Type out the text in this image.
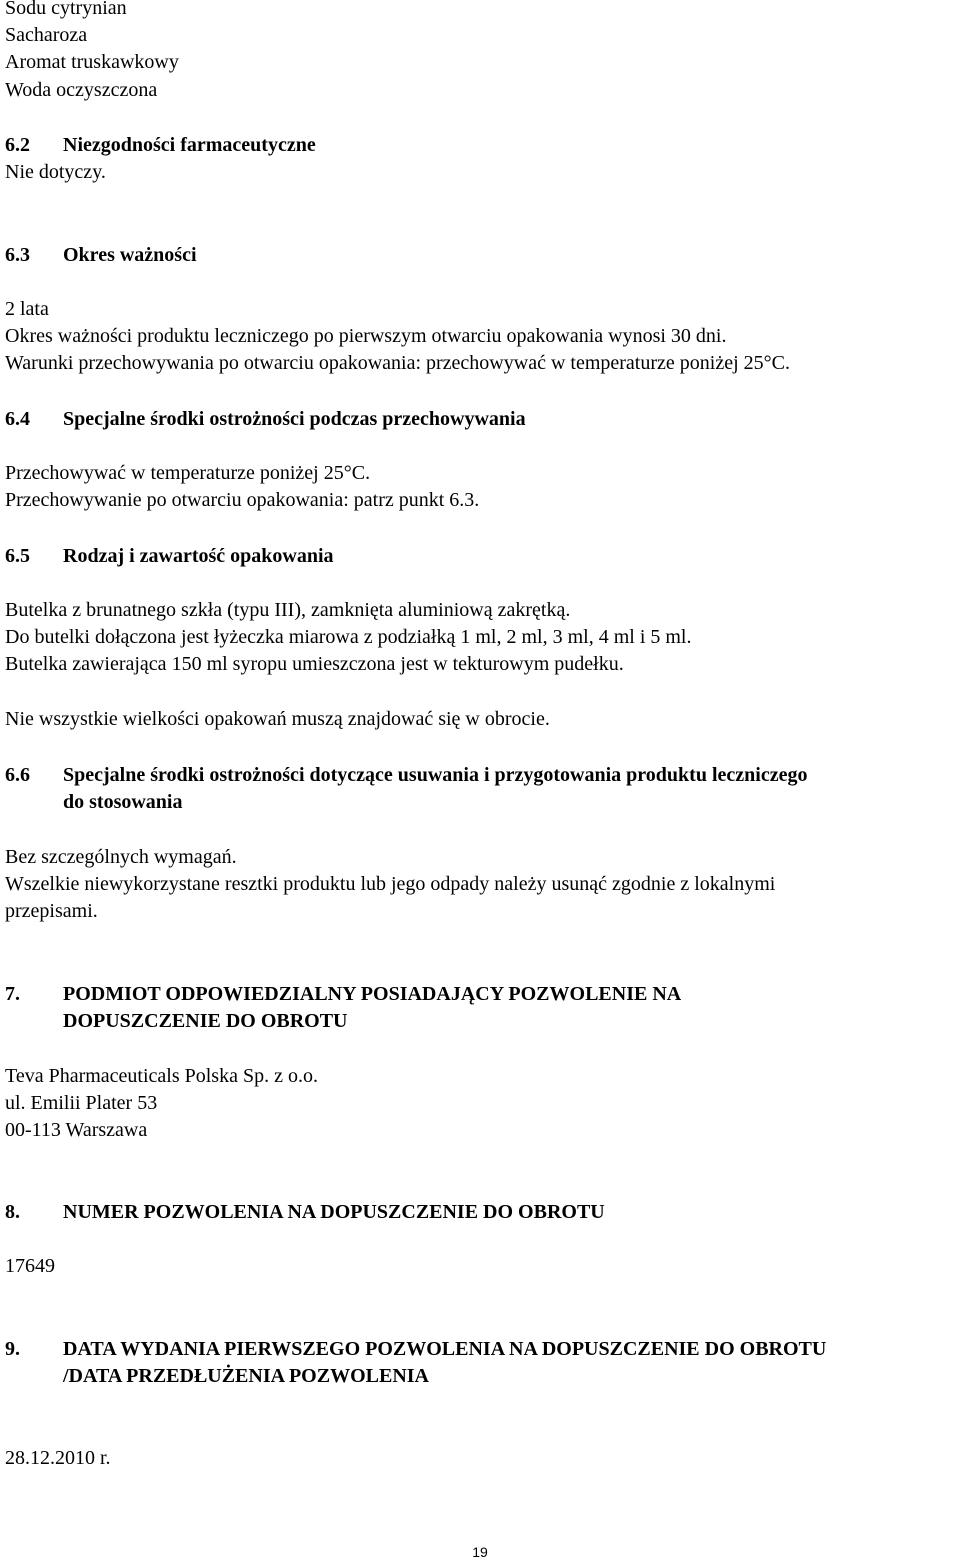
Sodu cytrynian
Sacharoza
Aromat truskawkowy
Woda oczyszczona
6.2 Niezgodności farmaceutyczne
Nie dotyczy.
6.3 Okres ważności
2 lata
Okres ważności produktu leczniczego po pierwszym otwarciu opakowania wynosi 30 dni.
Warunki przechowywania po otwarciu opakowania: przechowywać w temperaturze poniżej 25°C.
6.4 Specjalne środki ostrożności podczas przechowywania
Przechowywać w temperaturze poniżej 25°C.
Przechowywanie po otwarciu opakowania: patrz punkt 6.3.
6.5 Rodzaj i zawartość opakowania
Butelka z brunatnego szkła (typu III), zamknięta aluminiową zakrętką.
Do butelki dołączona jest łyżeczka miarowa z podziałką 1 ml, 2 ml, 3 ml, 4 ml i 5 ml.
Butelka zawierająca 150 ml syropu umieszczona jest w tekturowym pudełku.
Nie wszystkie wielkości opakowań muszą znajdować się w obrocie.
6.6 Specjalne środki ostrożności dotyczące usuwania i przygotowania produktu leczniczego
do stosowania
Bez szczególnych wymagań.
Wszelkie niewykorzystane resztki produktu lub jego odpady należy usunąć zgodnie z lokalnymi
przepisami.
7. PODMIOT ODPOWIEDZIALNY POSIADAJĄCY POZWOLENIE NA
DOPUSZCZENIE DO OBROTU
Teva Pharmaceuticals Polska Sp. z o.o.
ul. Emilii Plater 53
00-113 Warszawa
8. NUMER POZWOLENIA NA DOPUSZCZENIE DO OBROTU
17649
9. DATA WYDANIA PIERWSZEGO POZWOLENIA NA DOPUSZCZENIE DO OBROTU
/DATA PRZEDŁUŻENIA POZWOLENIA
28.12.2010 r.
19
